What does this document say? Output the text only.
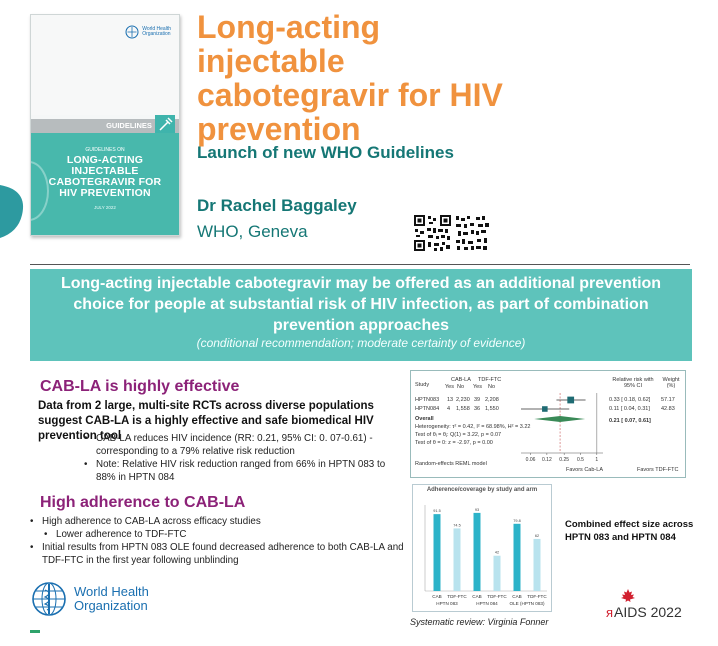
World Health
Organization
GUIDELINES
GUIDELINES ON
LONG-ACTING
INJECTABLE
CABOTEGRAVIR FOR
HIV PREVENTION
JULY 2022
Long-acting injectable cabotegravir for HIV prevention
Launch of new WHO Guidelines
Dr Rachel Baggaley
WHO, Geneva
Long-acting injectable cabotegravir may be offered as an additional prevention choice for people at substantial risk of HIV infection, as part of combination prevention approaches
(conditional recommendation; moderate certainty of evidence)
CAB-LA is highly effective
Data from 2 large, multi-site RCTs across diverse populations suggest CAB-LA is a highly effective and safe biomedical HIV prevention tool
• CAB-LA reduces HIV incidence (RR: 0.21, 95% CI: 0. 07-0.61) - corresponding to a 79% relative risk reduction
• Note: Relative HIV risk reduction ranged from 66% in HPTN 083 to 88% in HPTN 084
High adherence to CAB-LA
• High adherence to CAB-LA across efficacy studies
• Lower adherence to TDF-FTC
• Initial results from HPTN 083 OLE found decreased adherence to both CAB-LA and TDF-FTC in the first year following unblinding
Study
CAB-LA TDF-FTC
Yes No Yes No
Relative risk with 95% CI
Weight (%)
HPTN083 13 2,230 39 2,208	0.33 [ 0.18, 0.62] 57.17
HPTN084 4 1,558 36 1,550	0.11 [ 0.04, 0.31] 42.83
Overall	0.21 [ 0.07, 0.61]
Heterogeneity: τ² = 0.42, I² = 68.98%, H² = 3.22
Test of θᵢ = θⱼ: Q(1) = 3.22, p = 0.07
Test of θ = 0: z = -2.97, p = 0.00
Random-effects REML model
0.06 0.12 0.25 0.5 1
Favors Cab-LA	Favors TDF-FTC
Adherence/coverage by study and arm
91.5
CAB
74.5
TDF-FTC
93
CAB
42
TDF-FTC
79.8
CAB
62
TDF-FTC
HPTN 083	HPTN 084	OLE (HPTN 083)
Combined effect size across HPTN 083 and HPTN 084
World Health
Organization
Systematic review: Virginia Fonner
ᴙ AIDS 2022
